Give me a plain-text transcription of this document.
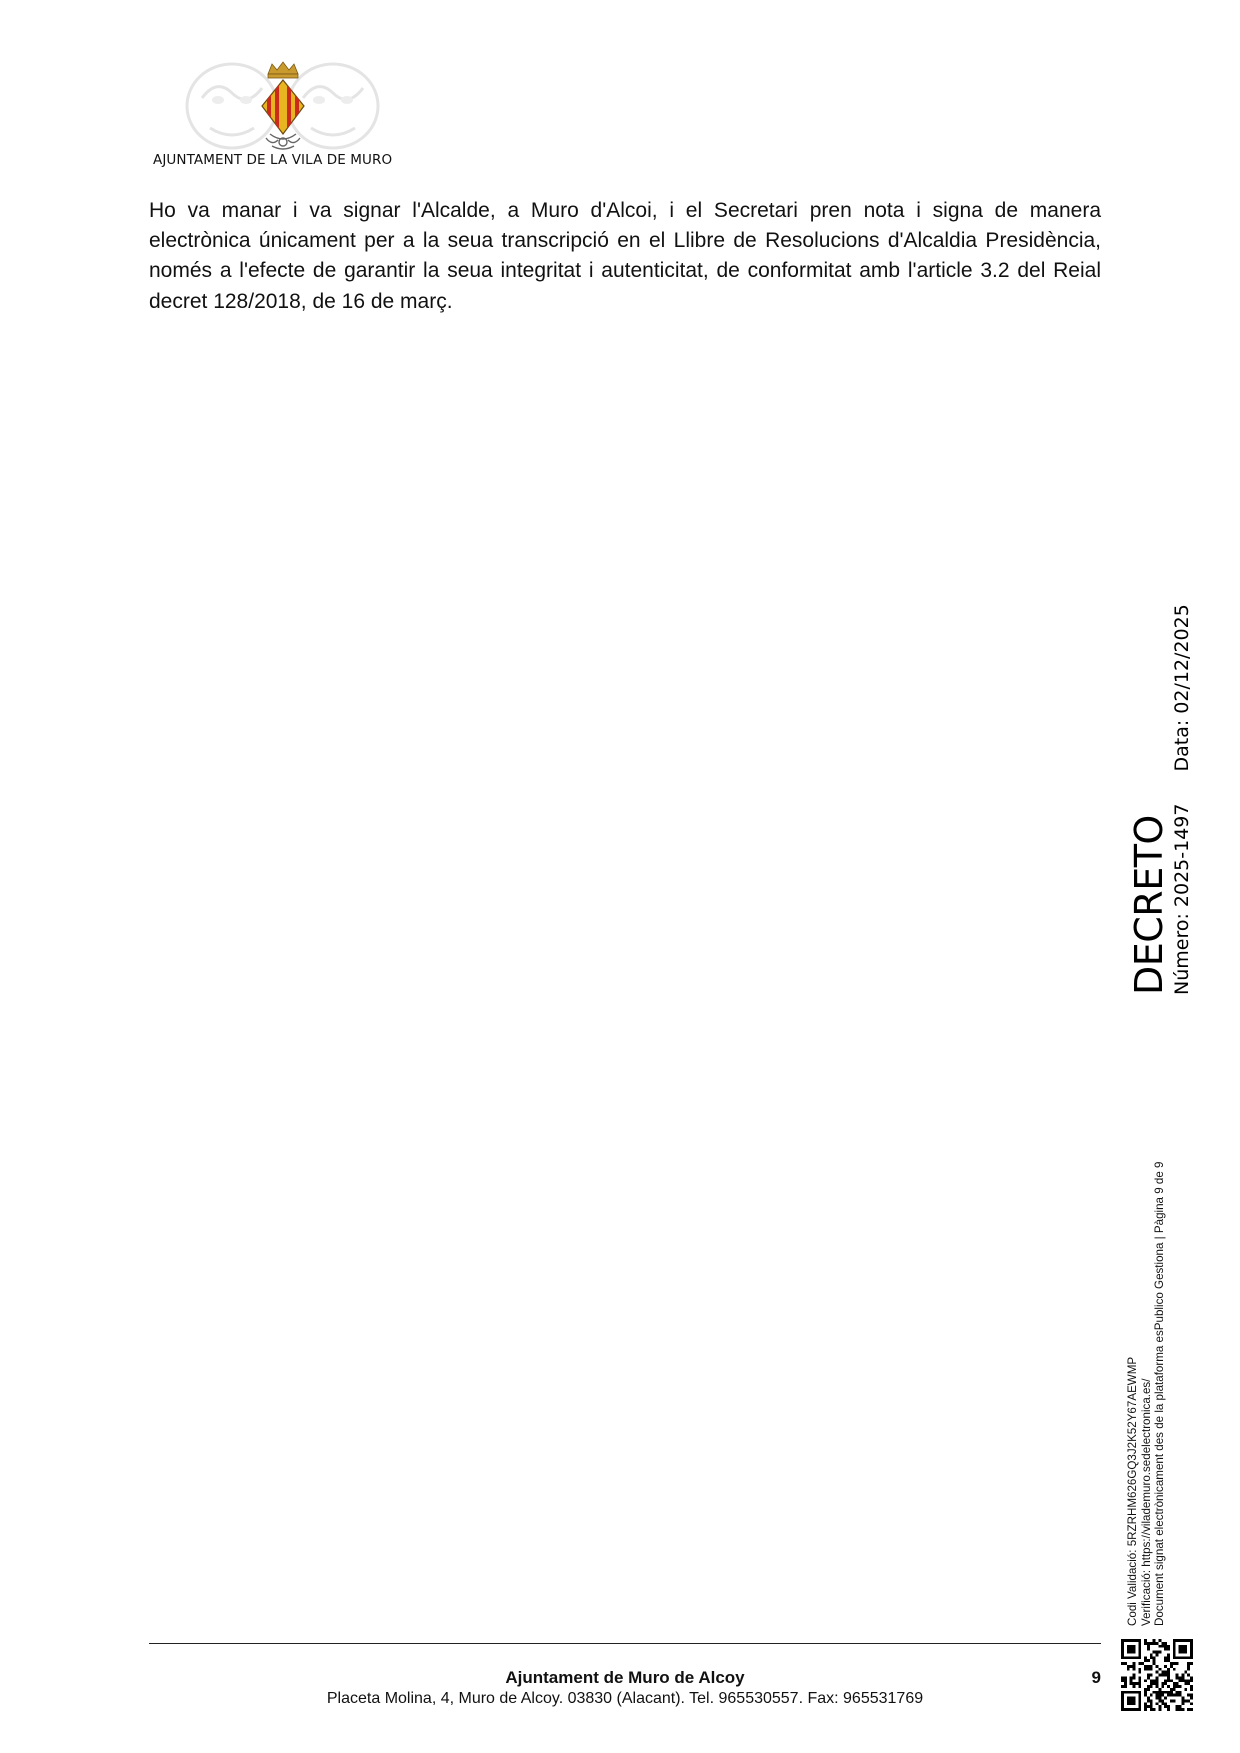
AJUNTAMENT DE LA VILA DE MURO
Ho va manar i va signar l'Alcalde, a Muro d'Alcoi, i el Secretari pren nota i signa de manera electrònica únicament per a la seua transcripció en el Llibre de Resolucions d'Alcaldia Presidència, només a l'efecte de garantir la seua integritat i autenticitat, de conformitat amb l'article 3.2 del Reial decret 128/2018, de 16 de març.
DECRETO Número: 2025-1497Data: 02/12/2025
Codi Validació: 5RZRHM626GQ3J2K52Y67AEWMP Verificació: https://vilademuro.sedelectronica.es/ Document signat electrònicament des de la plataforma esPublico Gestiona | Pàgina 9 de 9
Ajuntament de Muro de Alcoy
Placeta Molina, 4, Muro de Alcoy. 03830 (Alacant). Tel. 965530557. Fax: 965531769
9
